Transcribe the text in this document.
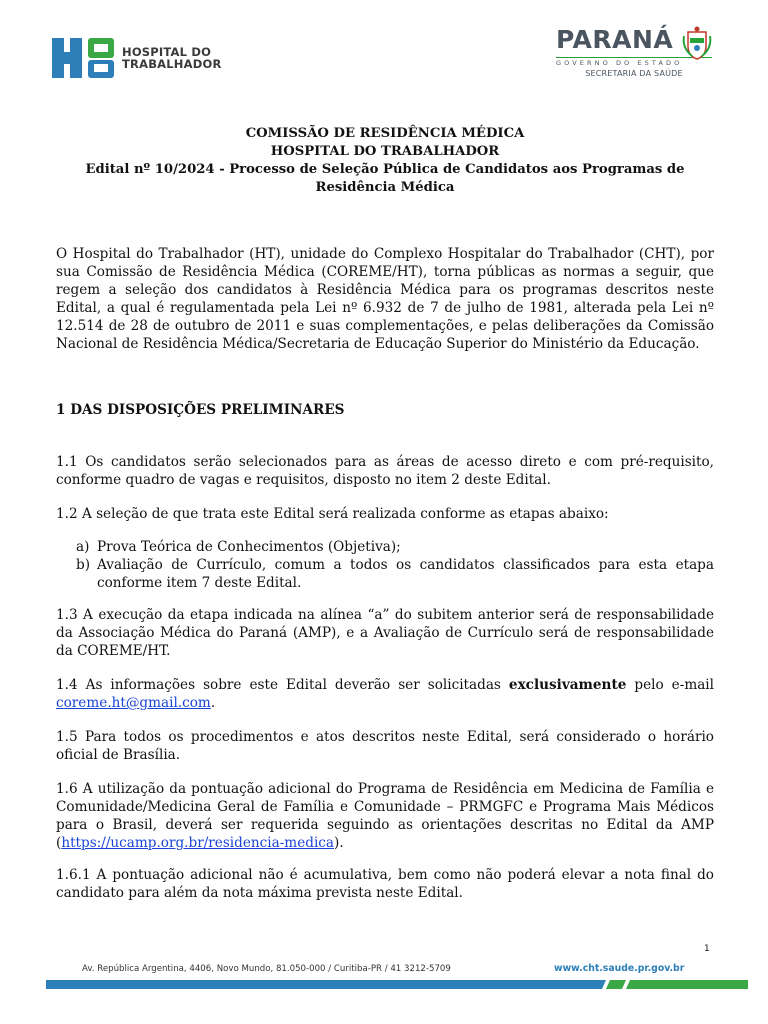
HOSPITAL DO
TRABALHADOR
PARANÁ
GOVERNO DO ESTADO
SECRETARIA DA SAÚDE
COMISSÃO DE RESIDÊNCIA MÉDICA
HOSPITAL DO TRABALHADOR
Edital nº 10/2024 - Processo de Seleção Pública de Candidatos aos Programas de Residência Médica

O Hospital do Trabalhador (HT), unidade do Complexo Hospitalar do Trabalhador (CHT), por sua Comissão de Residência Médica (COREME/HT), torna públicas as normas a seguir, que regem a seleção dos candidatos à Residência Médica para os programas descritos neste Edital, a qual é regulamentada pela Lei nº 6.932 de 7 de julho de 1981, alterada pela Lei nº 12.514 de 28 de outubro de 2011 e suas complementações, e pelas deliberações da Comissão Nacional de Residência Médica/Secretaria de Educação Superior do Ministério da Educação.

1 DAS DISPOSIÇÕES PRELIMINARES

1.1 Os candidatos serão selecionados para as áreas de acesso direto e com pré-requisito, conforme quadro de vagas e requisitos, disposto no item 2 deste Edital.

1.2 A seleção de que trata este Edital será realizada conforme as etapas abaixo:

a) Prova Teórica de Conhecimentos (Objetiva);
b) Avaliação de Currículo, comum a todos os candidatos classificados para esta etapa conforme item 7 deste Edital.

1.3 A execução da etapa indicada na alínea “a” do subitem anterior será de responsabilidade da Associação Médica do Paraná (AMP), e a Avaliação de Currículo será de responsabilidade da COREME/HT.

1.4 As informações sobre este Edital deverão ser solicitadas exclusivamente pelo e-mail coreme.ht@gmail.com.

1.5 Para todos os procedimentos e atos descritos neste Edital, será considerado o horário oficial de Brasília.

1.6 A utilização da pontuação adicional do Programa de Residência em Medicina de Família e Comunidade/Medicina Geral de Família e Comunidade – PRMGFC e Programa Mais Médicos para o Brasil, deverá ser requerida seguindo as orientações descritas no Edital da AMP (https://ucamp.org.br/residencia-medica).

1.6.1 A pontuação adicional não é acumulativa, bem como não poderá elevar a nota final do candidato para além da nota máxima prevista neste Edital.

1
Av. República Argentina, 4406, Novo Mundo, 81.050-000 / Curitiba-PR / 41 3212-5709	www.cht.saude.pr.gov.br
